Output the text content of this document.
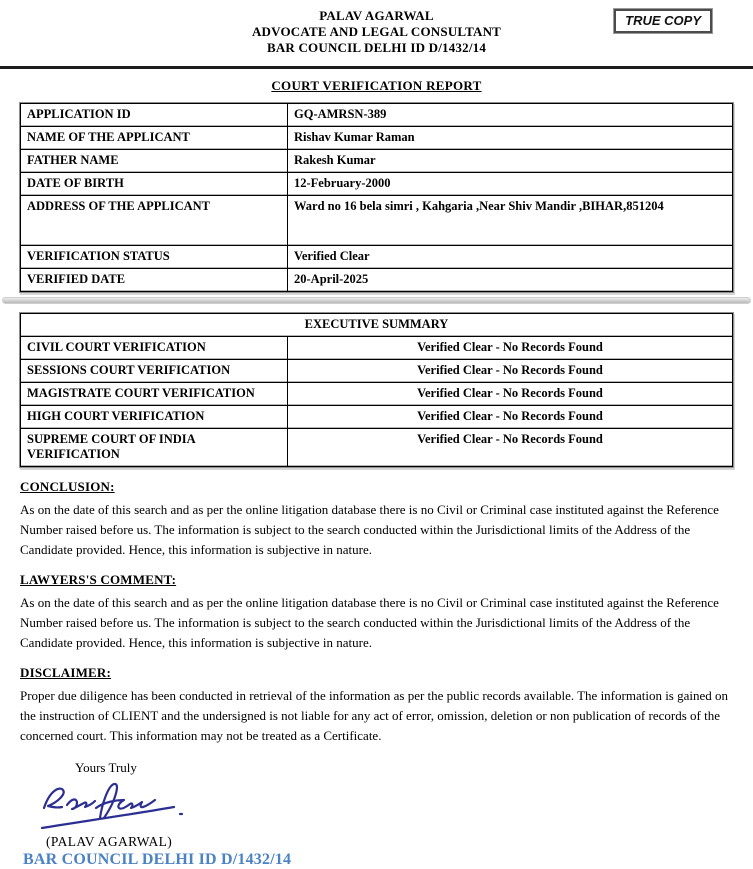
PALAV AGARWAL
ADVOCATE AND LEGAL CONSULTANT
BAR COUNCIL DELHI ID D/1432/14
TRUE COPY
COURT VERIFICATION REPORT
APPLICATION ID	GQ-AMRSN-389
NAME OF THE APPLICANT	Rishav Kumar Raman
FATHER NAME	Rakesh Kumar
DATE OF BIRTH	12-February-2000
ADDRESS OF THE APPLICANT	Ward no 16 bela simri , Kahgaria ,Near Shiv Mandir ,BIHAR,851204
VERIFICATION STATUS	Verified Clear
VERIFIED DATE	20-April-2025
EXECUTIVE SUMMARY	
CIVIL COURT VERIFICATION	Verified Clear - No Records Found
SESSIONS COURT VERIFICATION	Verified Clear - No Records Found
MAGISTRATE COURT VERIFICATION	Verified Clear - No Records Found
HIGH COURT VERIFICATION	Verified Clear - No Records Found
SUPREME COURT OF INDIA VERIFICATION	Verified Clear - No Records Found
CONCLUSION:
As on the date of this search and as per the online litigation database there is no Civil or Criminal case instituted against the Reference Number raised before us. The information is subject to the search conducted within the Jurisdictional limits of the Address of the Candidate provided. Hence, this information is subjective in nature.
LAWYERS'S COMMENT:
As on the date of this search and as per the online litigation database there is no Civil or Criminal case instituted against the Reference Number raised before us. The information is subject to the search conducted within the Jurisdictional limits of the Address of the Candidate provided. Hence, this information is subjective in nature.
DISCLAIMER:
Proper due diligence has been conducted in retrieval of the information as per the public records available. The information is gained on the instruction of CLIENT and the undersigned is not liable for any act of error, omission, deletion or non publication of records of the concerned court. This information may not be treated as a Certificate.
Yours Truly
(PALAV AGARWAL)
BAR COUNCIL DELHI ID D/1432/14
